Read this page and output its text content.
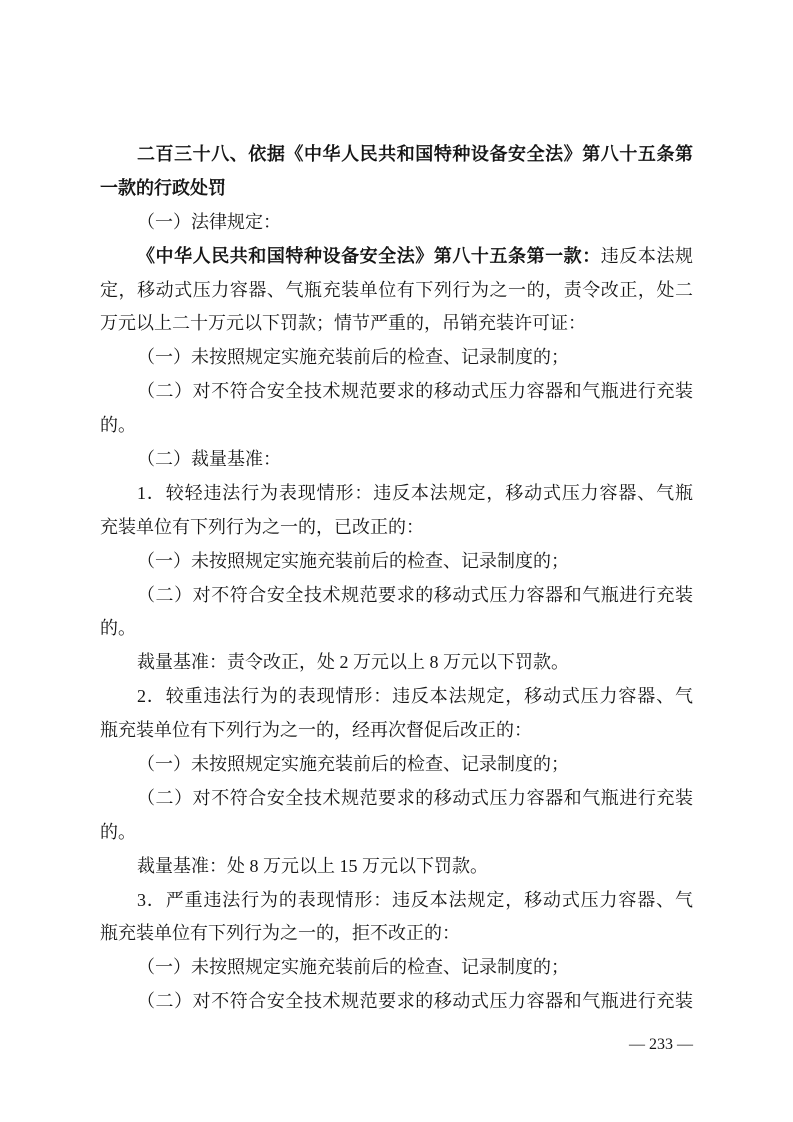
二百三十八、依据《中华人民共和国特种设备安全法》第八十五条第
一款的行政处罚
（一）法律规定：
《中华人民共和国特种设备安全法》第八十五条第一款：违反本法规
定，移动式压力容器、气瓶充装单位有下列行为之一的，责令改正，处二
万元以上二十万元以下罚款；情节严重的，吊销充装许可证：
（一）未按照规定实施充装前后的检查、记录制度的；
（二）对不符合安全技术规范要求的移动式压力容器和气瓶进行充装
的。
（二）裁量基准：
1．较轻违法行为表现情形：违反本法规定，移动式压力容器、气瓶
充装单位有下列行为之一的，已改正的：
（一）未按照规定实施充装前后的检查、记录制度的；
（二）对不符合安全技术规范要求的移动式压力容器和气瓶进行充装
的。
裁量基准：责令改正，处 2 万元以上 8 万元以下罚款。
2．较重违法行为的表现情形：违反本法规定，移动式压力容器、气
瓶充装单位有下列行为之一的，经再次督促后改正的：
（一）未按照规定实施充装前后的检查、记录制度的；
（二）对不符合安全技术规范要求的移动式压力容器和气瓶进行充装
的。
裁量基准：处 8 万元以上 15 万元以下罚款。
3．严重违法行为的表现情形：违反本法规定，移动式压力容器、气
瓶充装单位有下列行为之一的，拒不改正的：
（一）未按照规定实施充装前后的检查、记录制度的；
（二）对不符合安全技术规范要求的移动式压力容器和气瓶进行充装
— 233 —
